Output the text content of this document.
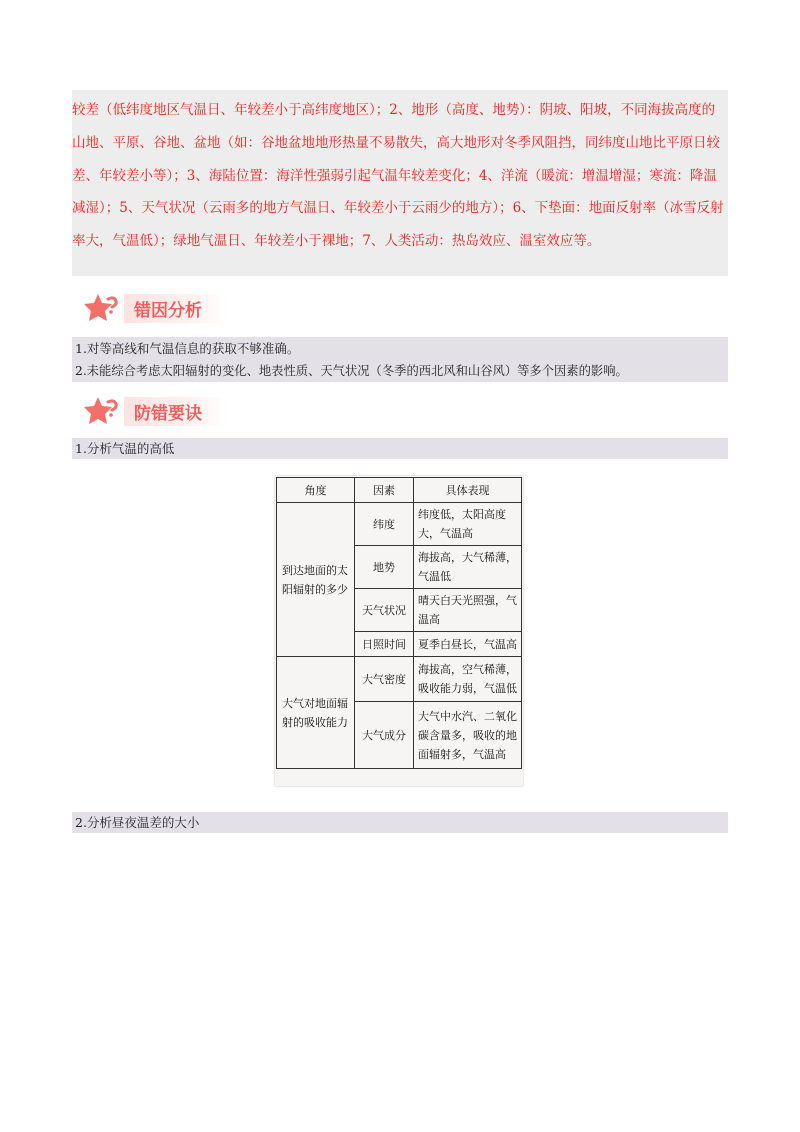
较差（低纬度地区气温日、年较差小于高纬度地区）；2、地形（高度、地势）：阴坡、阳坡，不同海拔高度的山地、平原、谷地、盆地（如：谷地盆地地形热量不易散失，高大地形对冬季风阻挡，同纬度山地比平原日较差、年较差小等）；3、海陆位置：海洋性强弱引起气温年较差变化；4、洋流（暖流：增温增湿；寒流：降温减湿）；5、天气状况（云雨多的地方气温日、年较差小于云雨少的地方）；6、下垫面：地面反射率（冰雪反射率大，气温低）；绿地气温日、年较差小于裸地；7、人类活动：热岛效应、温室效应等。

错因分析

1.对等高线和气温信息的获取不够准确。

2.未能综合考虑太阳辐射的变化、地表性质、天气状况（冬季的西北风和山谷风）等多个因素的影响。

防错要诀

1.分析气温的高低

角度	因素	具体表现
到达地面的太阳辐射的多少	纬度	纬度低，太阳高度大，气温高
	地势	海拔高，大气稀薄，气温低
	天气状况	晴天白天光照强，气温高
	日照时间	夏季白昼长，气温高
大气对地面辐射的吸收能力	大气密度	海拔高，空气稀薄，吸收能力弱，气温低
	大气成分	大气中水汽、二氧化碳含量多，吸收的地面辐射多，气温高

2.分析昼夜温差的大小
